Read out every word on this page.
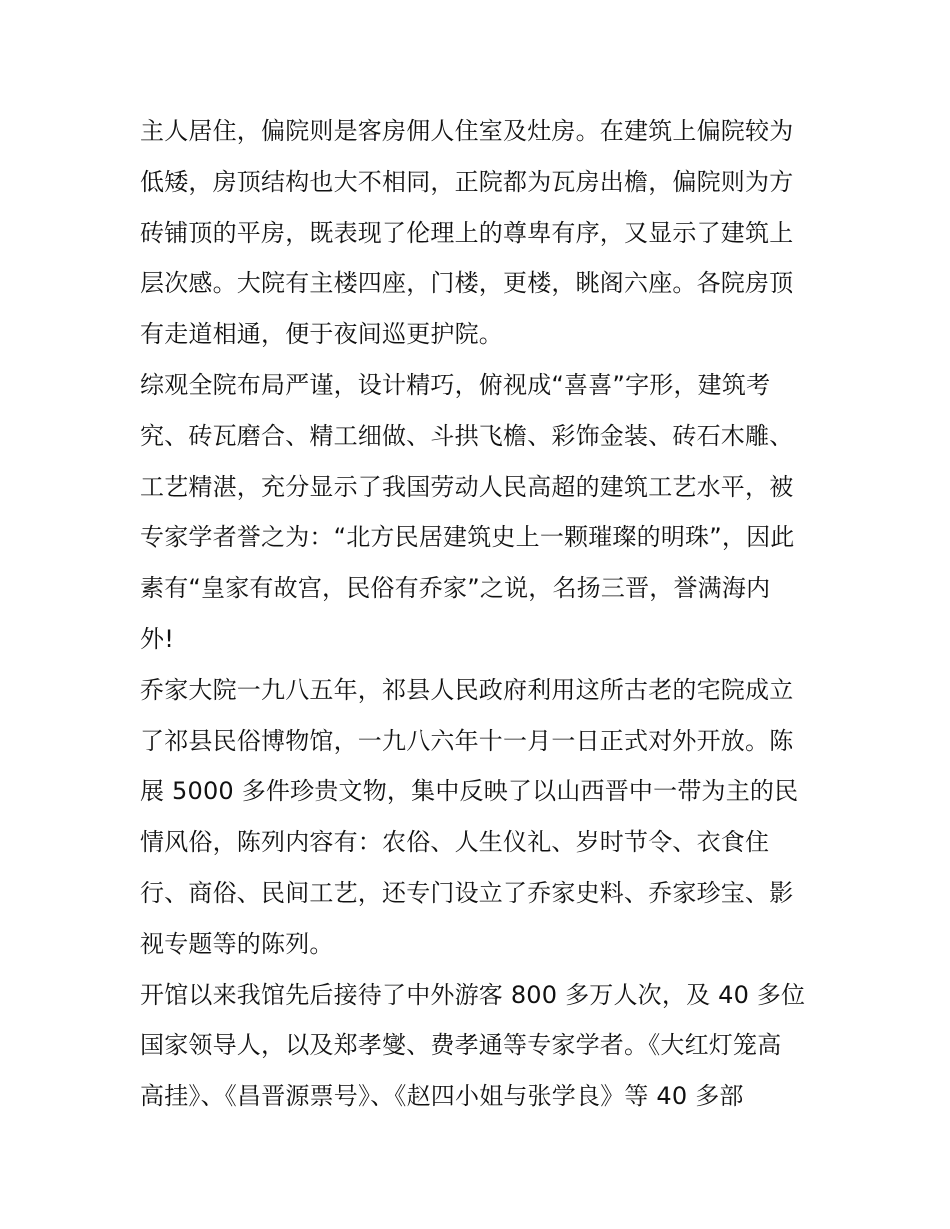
主人居住，偏院则是客房佣人住室及灶房。在建筑上偏院较为
低矮，房顶结构也大不相同，正院都为瓦房出檐，偏院则为方
砖铺顶的平房，既表现了伦理上的尊卑有序，又显示了建筑上
层次感。大院有主楼四座，门楼，更楼，眺阁六座。各院房顶
有走道相通，便于夜间巡更护院。

综观全院布局严谨，设计精巧，俯视成“喜喜”字形，建筑考
究、砖瓦磨合、精工细做、斗拱飞檐、彩饰金装、砖石木雕、
工艺精湛，充分显示了我国劳动人民高超的建筑工艺水平，被
专家学者誉之为：“北方民居建筑史上一颗璀璨的明珠”，因此
素有“皇家有故宫，民俗有乔家”之说，名扬三晋，誉满海内
外!

乔家大院一九八五年，祁县人民政府利用这所古老的宅院成立
了祁县民俗博物馆，一九八六年十一月一日正式对外开放。陈
展 5000 多件珍贵文物，集中反映了以山西晋中一带为主的民
情风俗，陈列内容有：农俗、人生仪礼、岁时节令、衣食住
行、商俗、民间工艺，还专门设立了乔家史料、乔家珍宝、影
视专题等的陈列。

开馆以来我馆先后接待了中外游客 800 多万人次，及 40 多位
国家领导人，以及郑孝燮、费孝通等专家学者。《大红灯笼高
高挂》、《昌晋源票号》、《赵四小姐与张学良》等 40 多部
